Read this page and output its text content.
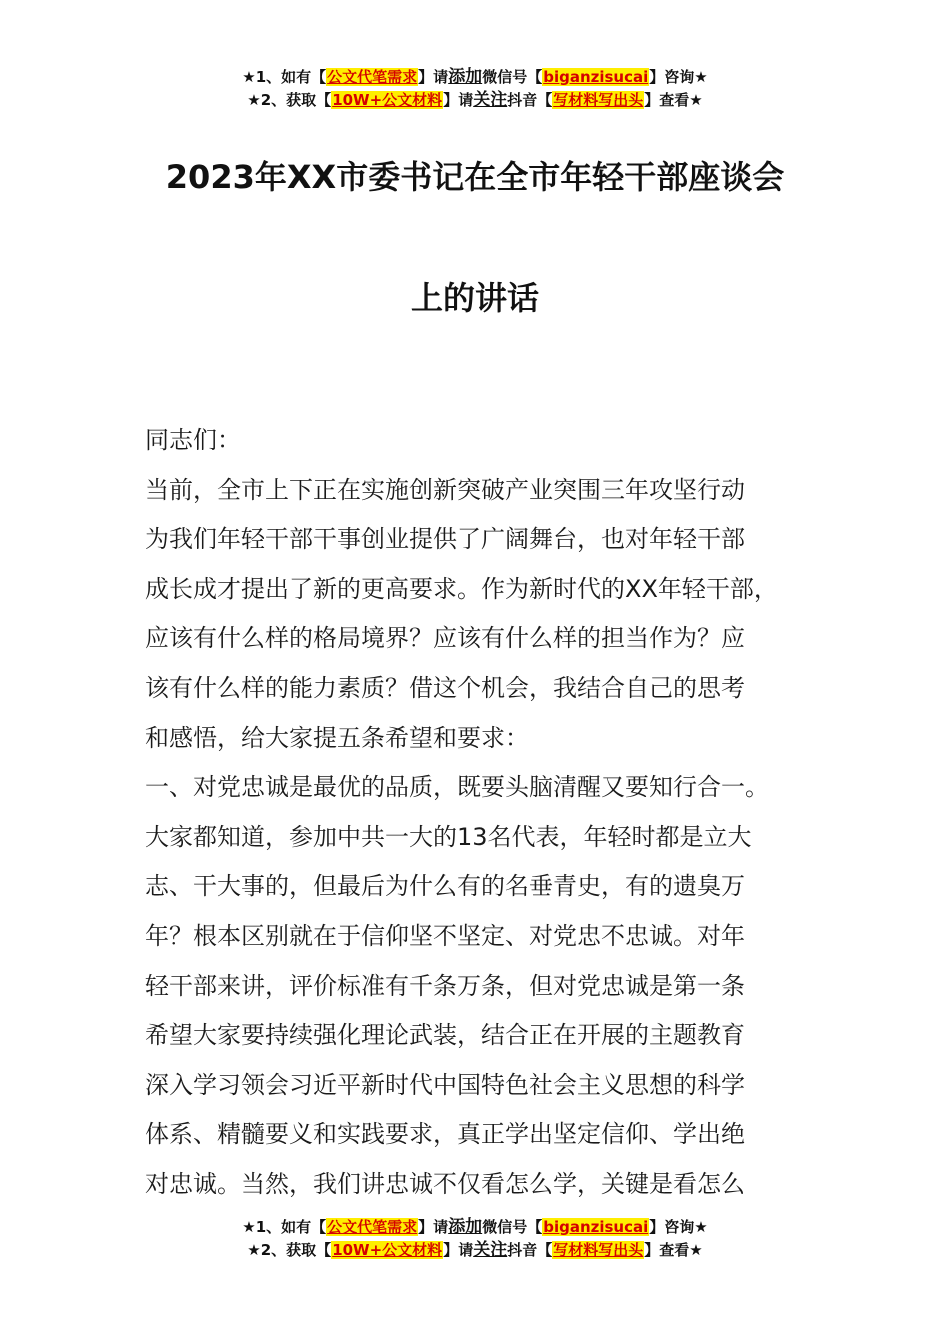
★1、如有【公文代笔需求】请添加微信号【biganzisucai】咨询★
★2、获取【10W+公文材料】请关注抖音【写材料写出头】查看★
2023年XX市委书记在全市年轻干部座谈会
上的讲话
同志们：
当前，全市上下正在实施创新突破产业突围三年攻坚行动
为我们年轻干部干事创业提供了广阔舞台，也对年轻干部
成长成才提出了新的更高要求。作为新时代的XX年轻干部，
应该有什么样的格局境界？应该有什么样的担当作为？应
该有什么样的能力素质？借这个机会，我结合自己的思考
和感悟，给大家提五条希望和要求：
一、对党忠诚是最优的品质，既要头脑清醒又要知行合一。
大家都知道，参加中共一大的13名代表，年轻时都是立大
志、干大事的，但最后为什么有的名垂青史，有的遗臭万
年？根本区别就在于信仰坚不坚定、对党忠不忠诚。对年
轻干部来讲，评价标准有千条万条，但对党忠诚是第一条
希望大家要持续强化理论武装，结合正在开展的主题教育
深入学习领会习近平新时代中国特色社会主义思想的科学
体系、精髓要义和实践要求，真正学出坚定信仰、学出绝
对忠诚。当然，我们讲忠诚不仅看怎么学，关键是看怎么
★1、如有【公文代笔需求】请添加微信号【biganzisucai】咨询★
★2、获取【10W+公文材料】请关注抖音【写材料写出头】查看★
